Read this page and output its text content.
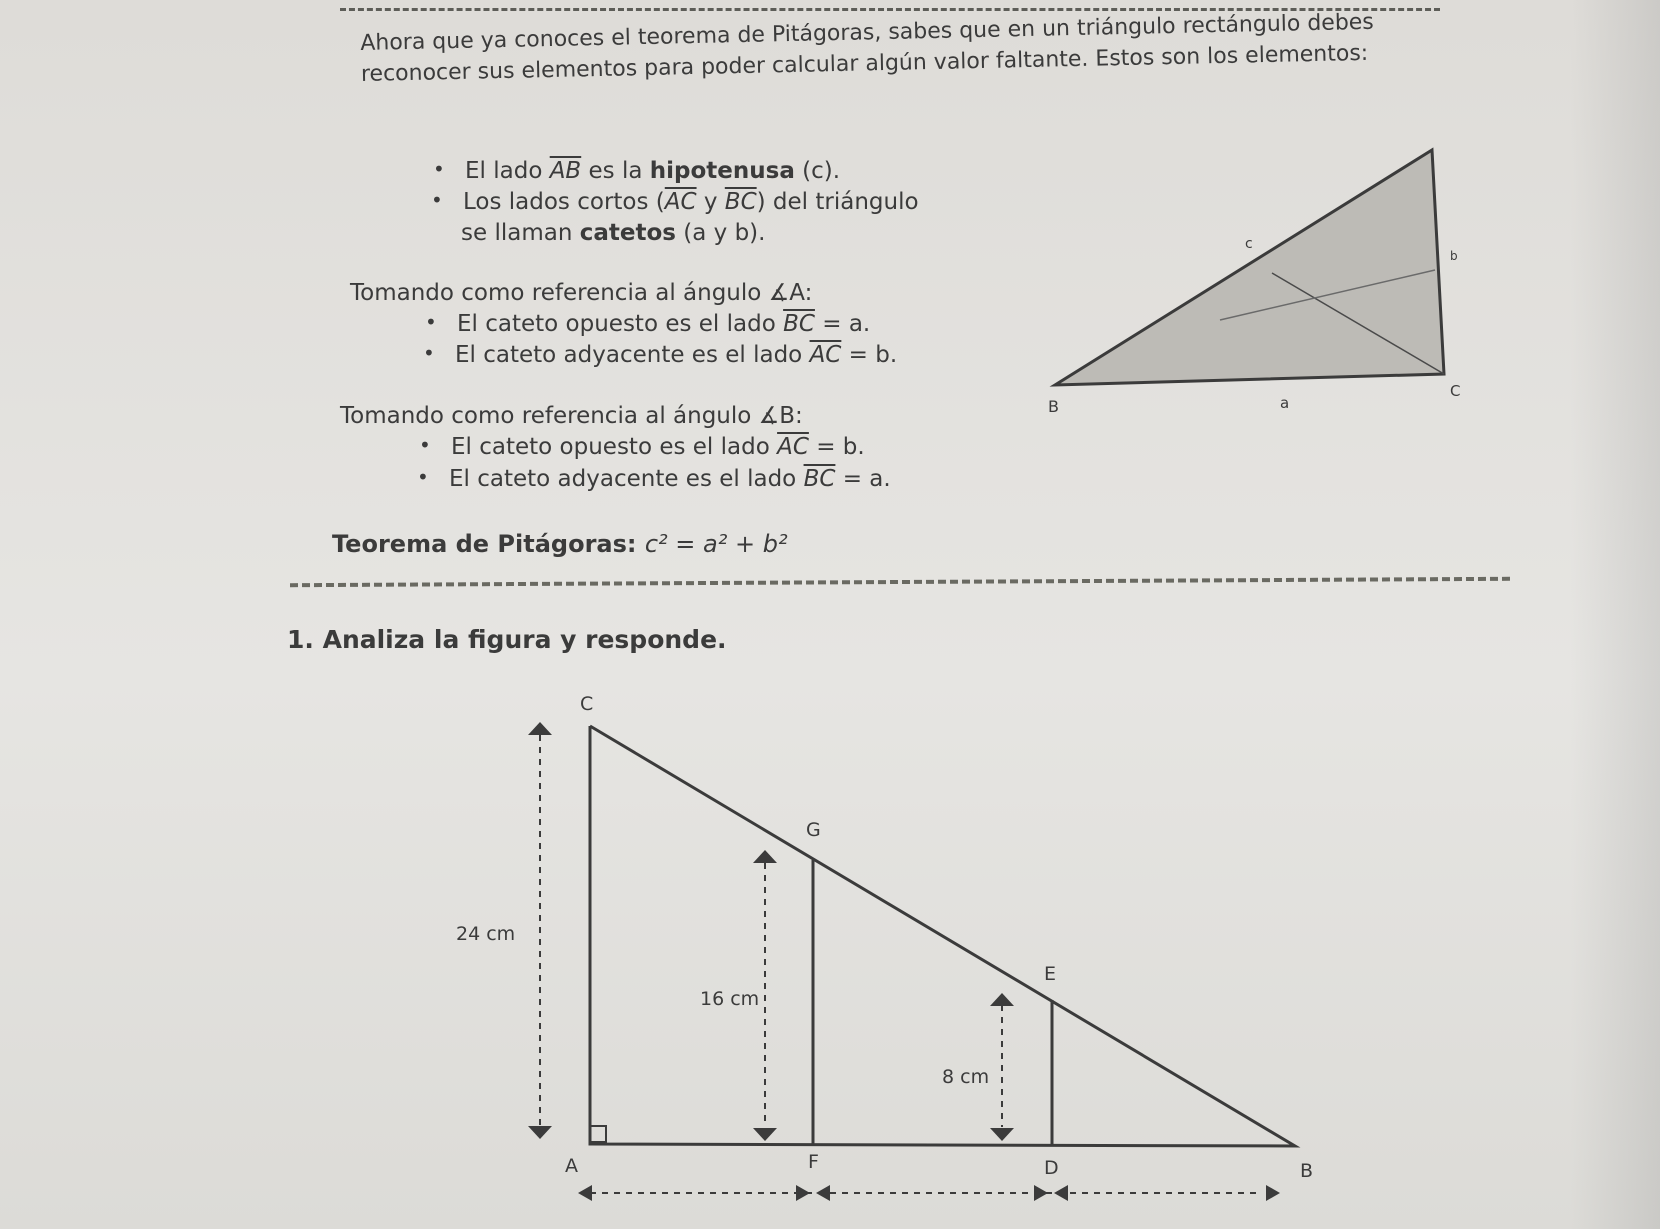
Ahora que ya conoces el teorema de Pitágoras, sabes que en un triángulo rectángulo debes reconocer sus elementos para poder calcular algún valor faltante. Estos son los elementos:
• El lado $\overline{AB}$ es la hipotenusa (c).
• Los lados cortos ($\overline{AC}$ y $\overline{BC}$) del triángulo
se llaman catetos (a y b).
Tomando como referencia al ángulo ∡A:
• El cateto opuesto es el lado $\overline{BC} = a$.
• El cateto adyacente es el lado $\overline{AC} = b$.
Tomando como referencia al ángulo ∡B:
• El cateto opuesto es el lado $\overline{AC} = b$.
• El cateto adyacente es el lado $\overline{BC} = a$.
Teorema de Pitágoras: c² = a² + b²
c
B	a
C
b
1. Analiza la figura y responde.
C
G
E
A	F	D	B
24 cm
16 cm
8 cm
